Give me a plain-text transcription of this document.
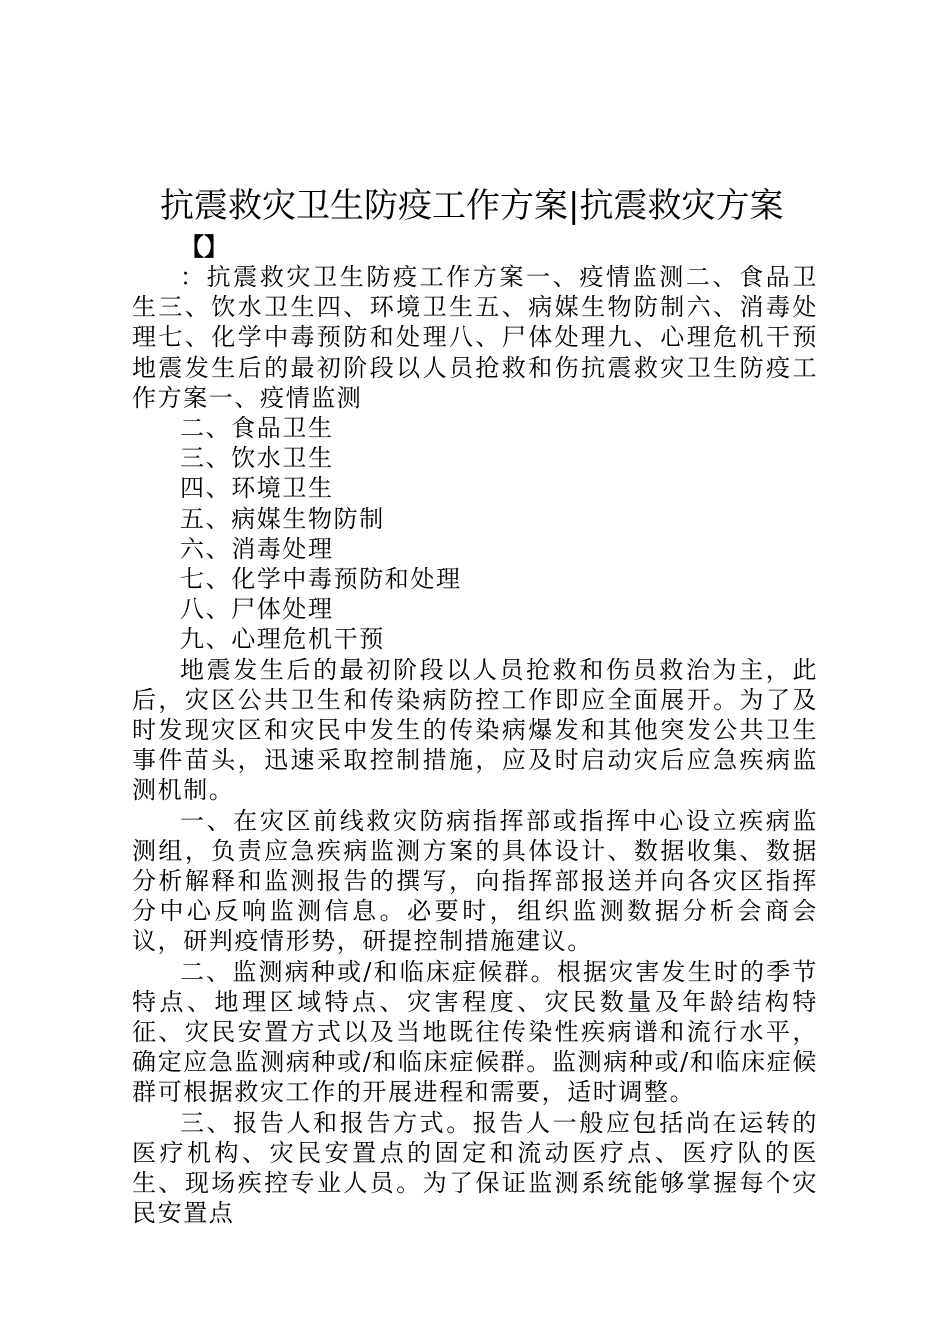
抗震救灾卫生防疫工作方案|抗震救灾方案
【】

：抗震救灾卫生防疫工作方案一、疫情监测二、食品卫生三、饮水卫生四、环境卫生五、病媒生物防制六、消毒处理七、化学中毒预防和处理八、尸体处理九、心理危机干预地震发生后的最初阶段以人员抢救和伤抗震救灾卫生防疫工作方案一、疫情监测

二、食品卫生

三、饮水卫生

四、环境卫生

五、病媒生物防制

六、消毒处理

七、化学中毒预防和处理

八、尸体处理

九、心理危机干预

地震发生后的最初阶段以人员抢救和伤员救治为主，此后，灾区公共卫生和传染病防控工作即应全面展开。为了及时发现灾区和灾民中发生的传染病爆发和其他突发公共卫生事件苗头，迅速采取控制措施，应及时启动灾后应急疾病监测机制。

一、在灾区前线救灾防病指挥部或指挥中心设立疾病监测组，负责应急疾病监测方案的具体设计、数据收集、数据分析解释和监测报告的撰写，向指挥部报送并向各灾区指挥分中心反响监测信息。必要时，组织监测数据分析会商会议，研判疫情形势，研提控制措施建议。

二、监测病种或/和临床症候群。根据灾害发生时的季节特点、地理区域特点、灾害程度、灾民数量及年龄结构特征、灾民安置方式以及当地既往传染性疾病谱和流行水平，确定应急监测病种或/和临床症候群。监测病种或/和临床症候群可根据救灾工作的开展进程和需要，适时调整。

三、报告人和报告方式。报告人一般应包括尚在运转的医疗机构、灾民安置点的固定和流动医疗点、医疗队的医生、现场疾控专业人员。为了保证监测系统能够掌握每个灾民安置点
